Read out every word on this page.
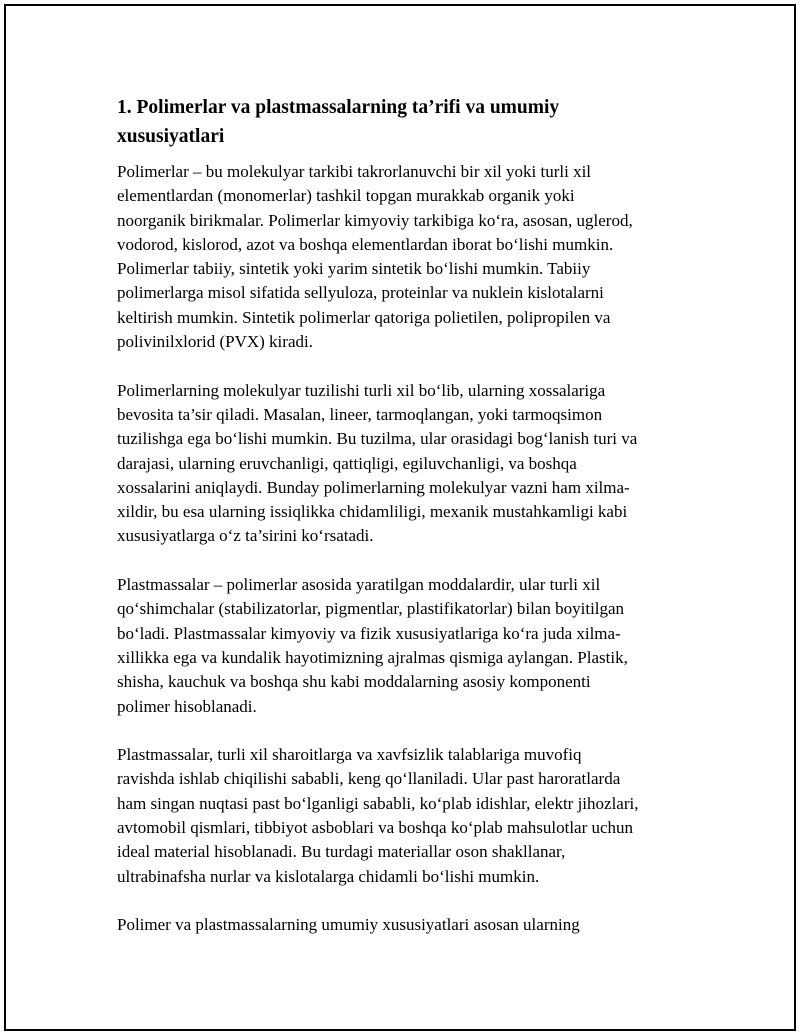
1. Polimerlar va plastmassalarning ta’rifi va umumiy
xususiyatlari
Polimerlar – bu molekulyar tarkibi takrorlanuvchi bir xil yoki turli xil
elementlardan (monomerlar) tashkil topgan murakkab organik yoki
noorganik birikmalar. Polimerlar kimyoviy tarkibiga ko‘ra, asosan, uglerod,
vodorod, kislorod, azot va boshqa elementlardan iborat bo‘lishi mumkin.
Polimerlar tabiiy, sintetik yoki yarim sintetik bo‘lishi mumkin. Tabiiy
polimerlarga misol sifatida sellyuloza, proteinlar va nuklein kislotalarni
keltirish mumkin. Sintetik polimerlar qatoriga polietilen, polipropilen va
polivinilxlorid (PVX) kiradi.
Polimerlarning molekulyar tuzilishi turli xil bo‘lib, ularning xossalariga
bevosita ta’sir qiladi. Masalan, lineer, tarmoqlangan, yoki tarmoqsimon
tuzilishga ega bo‘lishi mumkin. Bu tuzilma, ular orasidagi bog‘lanish turi va
darajasi, ularning eruvchanligi, qattiqligi, egiluvchanligi, va boshqa
xossalarini aniqlaydi. Bunday polimerlarning molekulyar vazni ham xilma-
xildir, bu esa ularning issiqlikka chidamliligi, mexanik mustahkamligi kabi
xususiyatlarga o‘z ta’sirini ko‘rsatadi.
Plastmassalar – polimerlar asosida yaratilgan moddalardir, ular turli xil
qo‘shimchalar (stabilizatorlar, pigmentlar, plastifikatorlar) bilan boyitilgan
bo‘ladi. Plastmassalar kimyoviy va fizik xususiyatlariga ko‘ra juda xilma-
xillikka ega va kundalik hayotimizning ajralmas qismiga aylangan. Plastik,
shisha, kauchuk va boshqa shu kabi moddalarning asosiy komponenti
polimer hisoblanadi.
Plastmassalar, turli xil sharoitlarga va xavfsizlik talablariga muvofiq
ravishda ishlab chiqilishi sababli, keng qo‘llaniladi. Ular past haroratlarda
ham singan nuqtasi past bo‘lganligi sababli, ko‘plab idishlar, elektr jihozlari,
avtomobil qismlari, tibbiyot asboblari va boshqa ko‘plab mahsulotlar uchun
ideal material hisoblanadi. Bu turdagi materiallar oson shakllanar,
ultrabinafsha nurlar va kislotalarga chidamli bo‘lishi mumkin.
Polimer va plastmassalarning umumiy xususiyatlari asosan ularning
